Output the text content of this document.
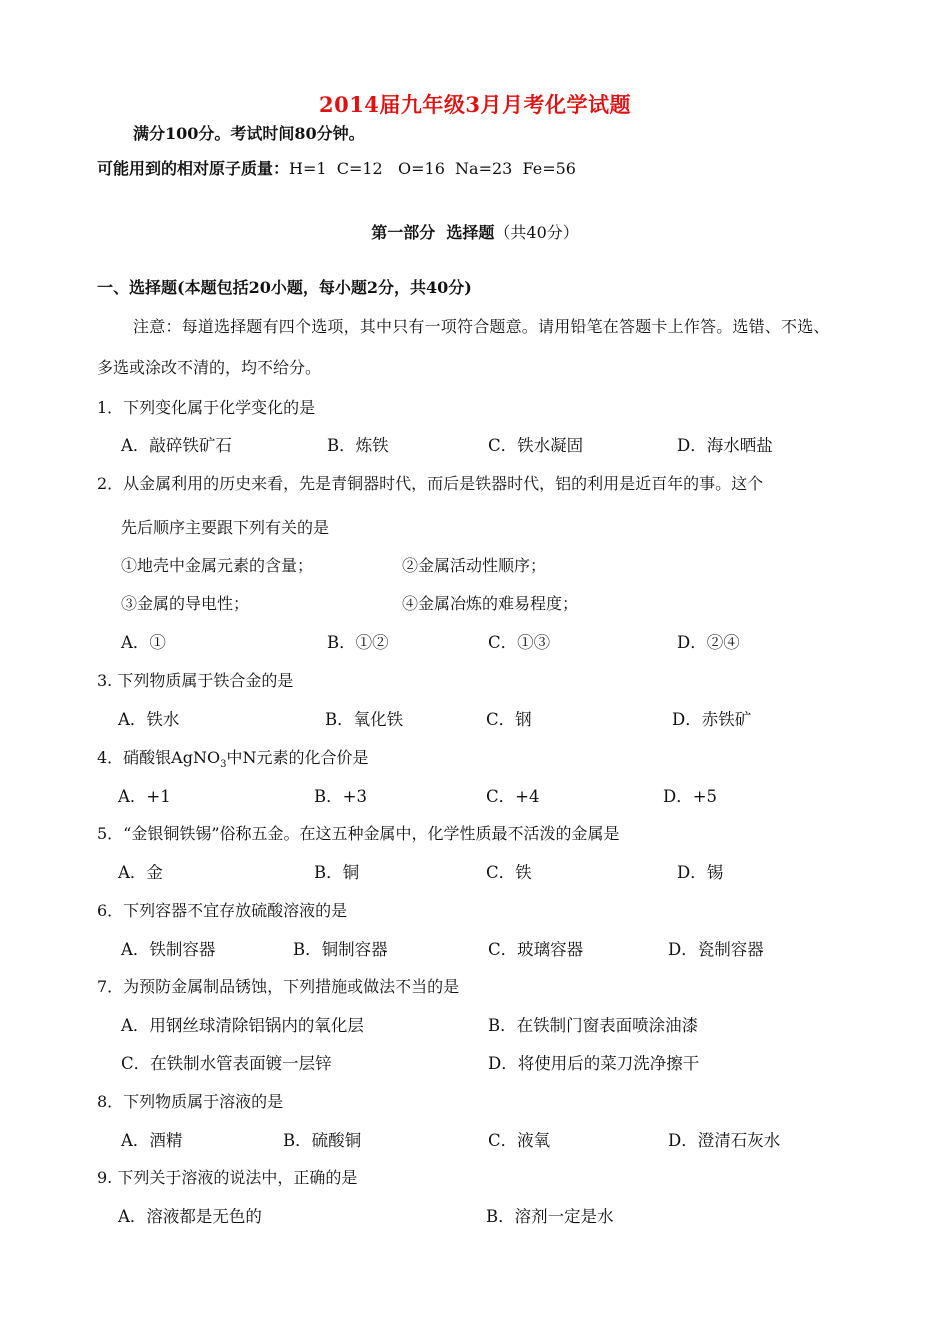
2014届九年级3月月考化学试题
满分100分。考试时间80分钟。
可能用到的相对原子质量：H=1  C=12   O=16  Na=23  Fe=56
第一部分  选择题（共40分）
一、选择题(本题包括20小题，每小题2分，共40分)
注意：每道选择题有四个选项，其中只有一项符合题意。请用铅笔在答题卡上作答。选错、不选、
多选或涂改不清的，均不给分。
1．下列变化属于化学变化的是
A．敲碎铁矿石	B．炼铁	C．铁水凝固	D．海水晒盐
2．从金属利用的历史来看，先是青铜器时代，而后是铁器时代，铝的利用是近百年的事。这个
先后顺序主要跟下列有关的是
①地壳中金属元素的含量；	②金属活动性顺序；
③金属的导电性；	④金属冶炼的难易程度；
A．①	B．①②	C．①③	D．②④
3. 下列物质属于铁合金的是
A．铁水	B．氧化铁	C．钢	D．赤铁矿
4．硝酸银AgNO$_3$中N元素的化合价是
A．+1	B．+3	C．+4	D．+5
5．“金银铜铁锡”俗称五金。在这五种金属中，化学性质最不活泼的金属是
A．金	B．铜	C．铁	D．锡
6．下列容器不宜存放硫酸溶液的是
A．铁制容器	B．铜制容器	C．玻璃容器	D．瓷制容器
7．为预防金属制品锈蚀，下列措施或做法不当的是
A．用钢丝球清除铝锅内的氧化层	B．在铁制门窗表面喷涂油漆
C．在铁制水管表面镀一层锌	D．将使用后的菜刀洗净擦干
8．下列物质属于溶液的是
A．酒精	B．硫酸铜	C．液氧	D．澄清石灰水
9. 下列关于溶液的说法中，正确的是
A．溶液都是无色的	B．溶剂一定是水
